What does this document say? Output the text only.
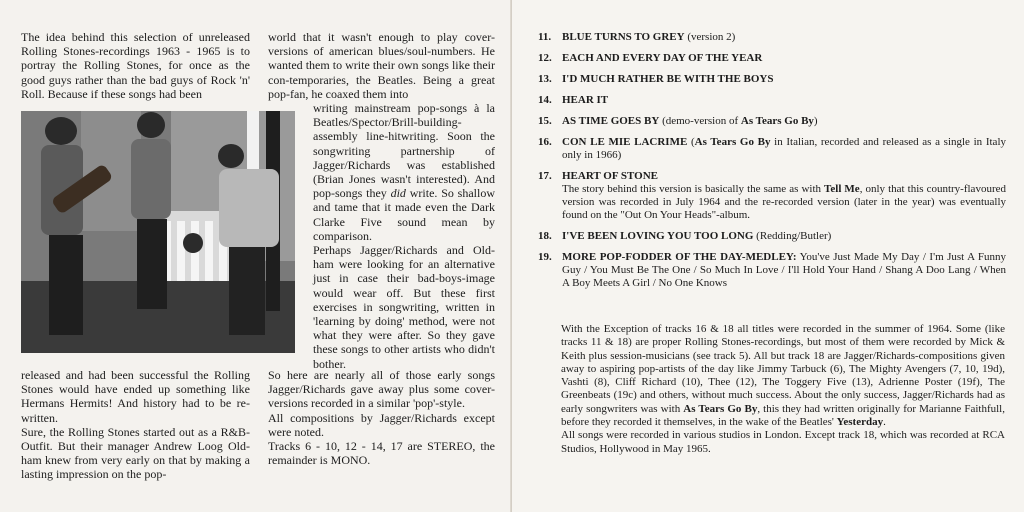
The idea behind this selection of unreleased Rolling Stones-recordings 1963 - 1965 is to portray the Rolling Stones, for once as the good guys rather than the bad guys of Rock 'n' Roll. Because if these songs had been

world that it wasn't enough to play cover-versions of american blues/soul-numbers. He wanted them to write their own songs like their con-temporaries, the Beatles. Being a great pop-fan, he coaxed them into

writing mainstream pop-songs à la Beatles/Spector/Brill-building-assembly line-hitwriting. Soon the songwriting partnership of Jagger/Richards was established (Brian Jones wasn't interested). And pop-songs they did write. So shallow and tame that it made even the Dark Clarke Five sound mean by comparison.

Perhaps Jagger/Richards and Old-ham were looking for an alternative just in case their bad-boys-image would wear off. But these first exercises in songwriting, written in 'learning by doing' method, were not what they were after. So they gave these songs to other artists who didn't bother.

released and had been successful the Rolling Stones would have ended up something like Hermans Hermits! And history had to be re-written.

Sure, the Rolling Stones started out as a R&B-Outfit. But their manager Andrew Loog Old-ham knew from very early on that by making a lasting impression on the pop-

So here are nearly all of those early songs Jagger/Richards gave away plus some cover-versions recorded in a similar 'pop'-style.

All compositions by Jagger/Richards except were noted.

Tracks 6 - 10, 12 - 14, 17 are STEREO, the remainder is MONO.

11. BLUE TURNS TO GREY (version 2)
12. EACH AND EVERY DAY OF THE YEAR
13. I'D MUCH RATHER BE WITH THE BOYS
14. HEAR IT
15. AS TIME GOES BY (demo-version of As Tears Go By)
16. CON LE MIE LACRIME (As Tears Go By in Italian, recorded and released as a single in Italy only in 1966)
17. HEART OF STONE
The story behind this version is basically the same as with Tell Me, only that this country-flavoured version was recorded in July 1964 and the re-recorded version (later in the year) was eventually found on the "Out On Your Heads"-album.
18. I'VE BEEN LOVING YOU TOO LONG (Redding/Butler)
19. MORE POP-FODDER OF THE DAY-MEDLEY: You've Just Made My Day / I'm Just A Funny Guy / You Must Be The One / So Much In Love / I'll Hold Your Hand / Shang A Doo Lang / When A Boy Meets A Girl / No One Knows

With the Exception of tracks 16 & 18 all titles were recorded in the summer of 1964. Some (like tracks 11 & 18) are proper Rolling Stones-recordings, but most of them were recorded by Mick & Keith plus session-musicians (see track 5). All but track 18 are Jagger/Richards-compositions given away to aspiring pop-artists of the day like Jimmy Tarbuck (6), The Mighty Avengers (7, 10, 19d), Vashti (8), Cliff Richard (10), Thee (12), The Toggery Five (13), Adrienne Poster (19f), The Greenbeats (19c) and others, without much success. About the only success, Jagger/Richards had as early songwriters was with As Tears Go By, this they had written originally for Marianne Faithfull, before they recorded it themselves, in the wake of the Beatles' Yesterday.

All songs were recorded in various studios in London. Except track 18, which was recorded at RCA Studios, Hollywood in May 1965.
